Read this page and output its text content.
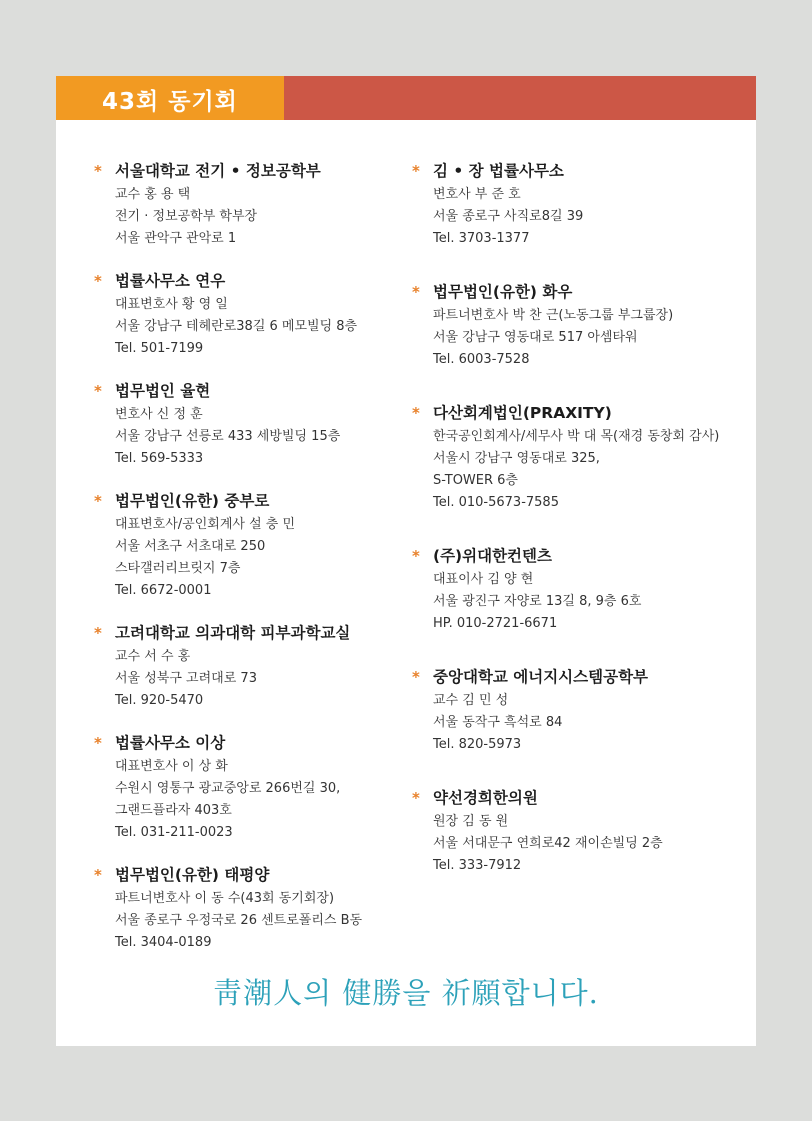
43회 동기회
* 서울대학교 전기 • 정보공학부
교수 홍 용 택
전기 · 정보공학부 학부장
서울 관악구 관악로 1
* 법률사무소 연우
대표변호사 황 영 일
서울 강남구 테헤란로38길 6 메모빌딩 8층
Tel. 501-7199
* 법무법인 율현
변호사 신 정 훈
서울 강남구 선릉로 433 세방빌딩 15층
Tel. 569-5333
* 법무법인(유한) 중부로
대표변호사/공인회계사 설 충 민
서울 서초구 서초대로 250
스타갤러리브릿지 7층
Tel. 6672-0001
* 고려대학교 의과대학 피부과학교실
교수 서 수 홍
서울 성북구 고려대로 73
Tel. 920-5470
* 법률사무소 이상
대표변호사 이 상 화
수원시 영통구 광교중앙로 266번길 30,
그랜드플라자 403호
Tel. 031-211-0023
* 법무법인(유한) 태평양
파트너변호사 이 동 수(43회 동기회장)
서울 종로구 우정국로 26 센트로폴리스 B동
Tel. 3404-0189
* 김 • 장 법률사무소
변호사 부 준 호
서울 종로구 사직로8길 39
Tel. 3703-1377
* 법무법인(유한) 화우
파트너변호사 박 찬 근(노동그룹 부그룹장)
서울 강남구 영동대로 517 아셈타워
Tel. 6003-7528
* 다산회계법인(PRAXITY)
한국공인회계사/세무사 박 대 목(재경 동창회 감사)
서울시 강남구 영동대로 325,
S-TOWER 6층
Tel. 010-5673-7585
* (주)위대한컨텐츠
대표이사 김 양 현
서울 광진구 자양로 13길 8, 9층 6호
HP. 010-2721-6671
* 중앙대학교 에너지시스템공학부
교수 김 민 성
서울 동작구 흑석로 84
Tel. 820-5973
* 약선경희한의원
원장 김 동 원
서울 서대문구 연희로42 재이손빌딩 2층
Tel. 333-7912
靑潮人의 健勝을 祈願합니다.
